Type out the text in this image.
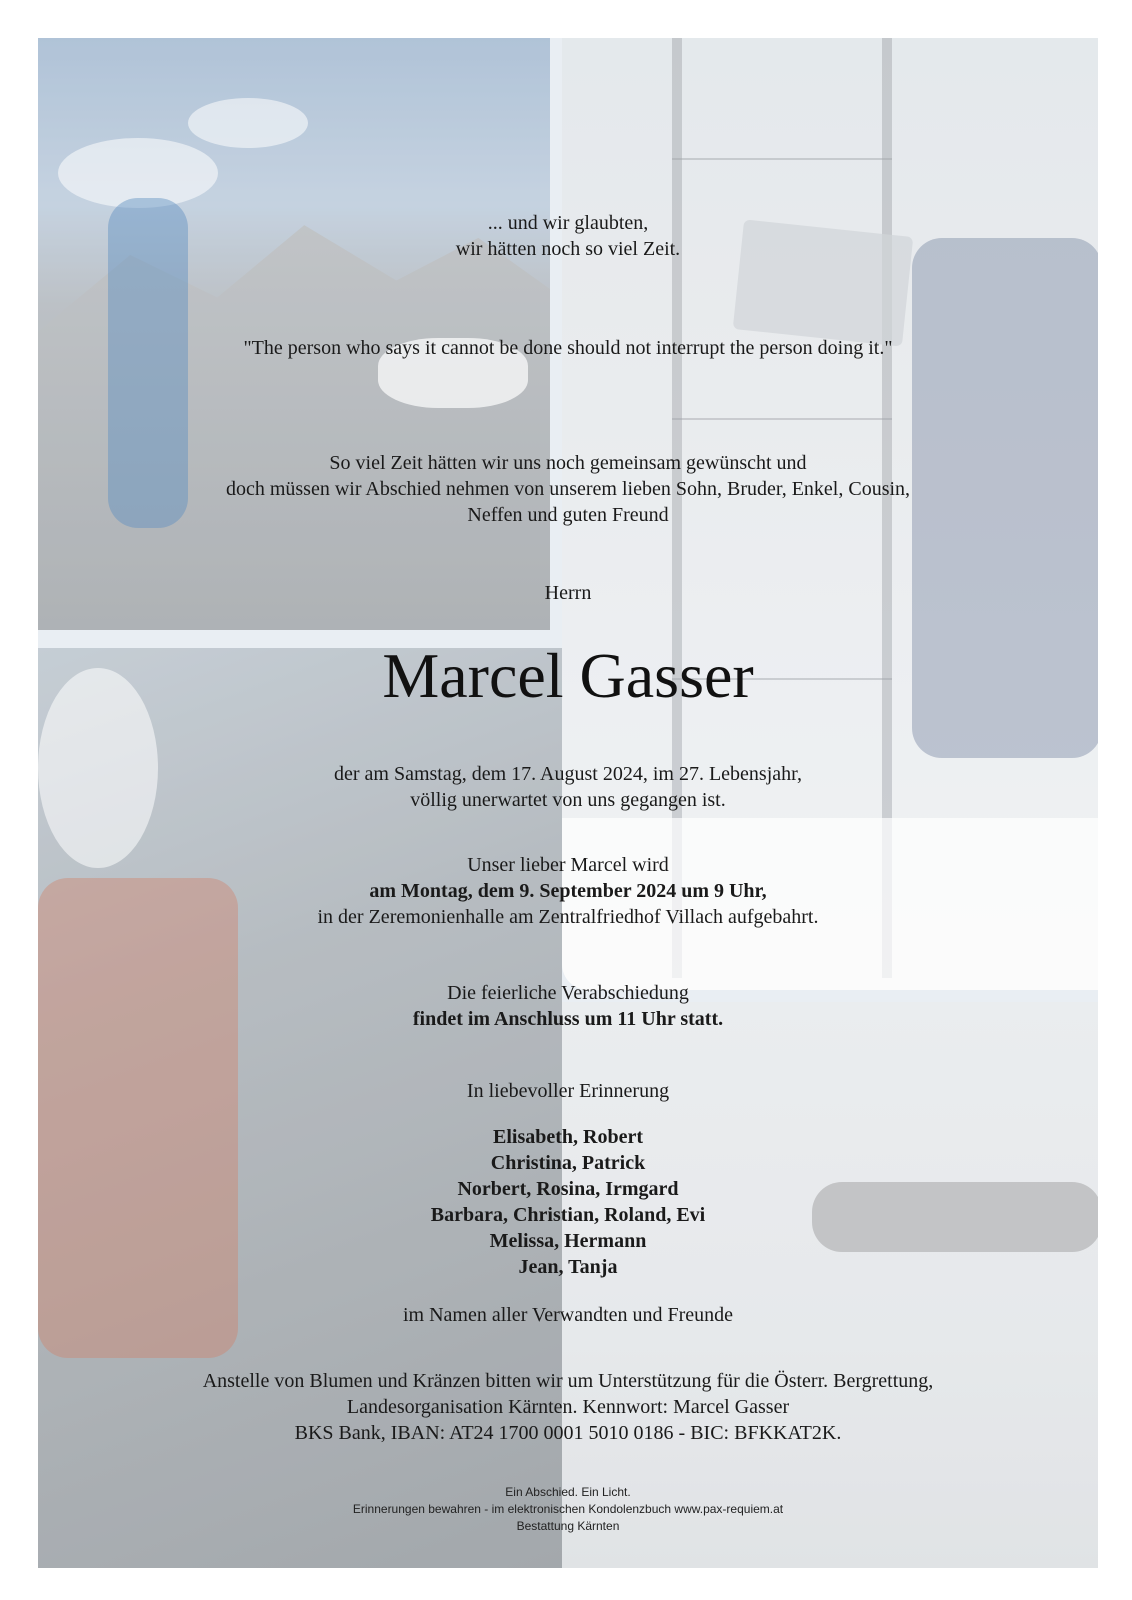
... und wir glaubten,

wir hätten noch so viel Zeit.

"The person who says it cannot be done should not interrupt the person doing it."

So viel Zeit hätten wir uns noch gemeinsam gewünscht und

doch müssen wir Abschied nehmen von unserem lieben Sohn, Bruder, Enkel, Cousin,

Neffen und guten Freund

Herrn

Marcel Gasser

der am Samstag, dem 17. August 2024, im 27. Lebensjahr,

völlig unerwartet von uns gegangen ist.

Unser lieber Marcel wird

am Montag, dem 9. September 2024 um 9 Uhr,

in der Zeremonienhalle am Zentralfriedhof Villach aufgebahrt.

Die feierliche Verabschiedung

findet im Anschluss um 11 Uhr statt.

In liebevoller Erinnerung

Elisabeth, Robert

Christina, Patrick

Norbert, Rosina, Irmgard

Barbara, Christian, Roland, Evi

Melissa, Hermann

Jean, Tanja

im Namen aller Verwandten und Freunde

Anstelle von Blumen und Kränzen bitten wir um Unterstützung für die Österr. Bergrettung,

Landesorganisation Kärnten. Kennwort: Marcel Gasser

BKS Bank, IBAN: AT24 1700 0001 5010 0186 - BIC: BFKKAT2K.

Ein Abschied. Ein Licht.

Erinnerungen bewahren - im elektronischen Kondolenzbuch www.pax-requiem.at

Bestattung Kärnten
